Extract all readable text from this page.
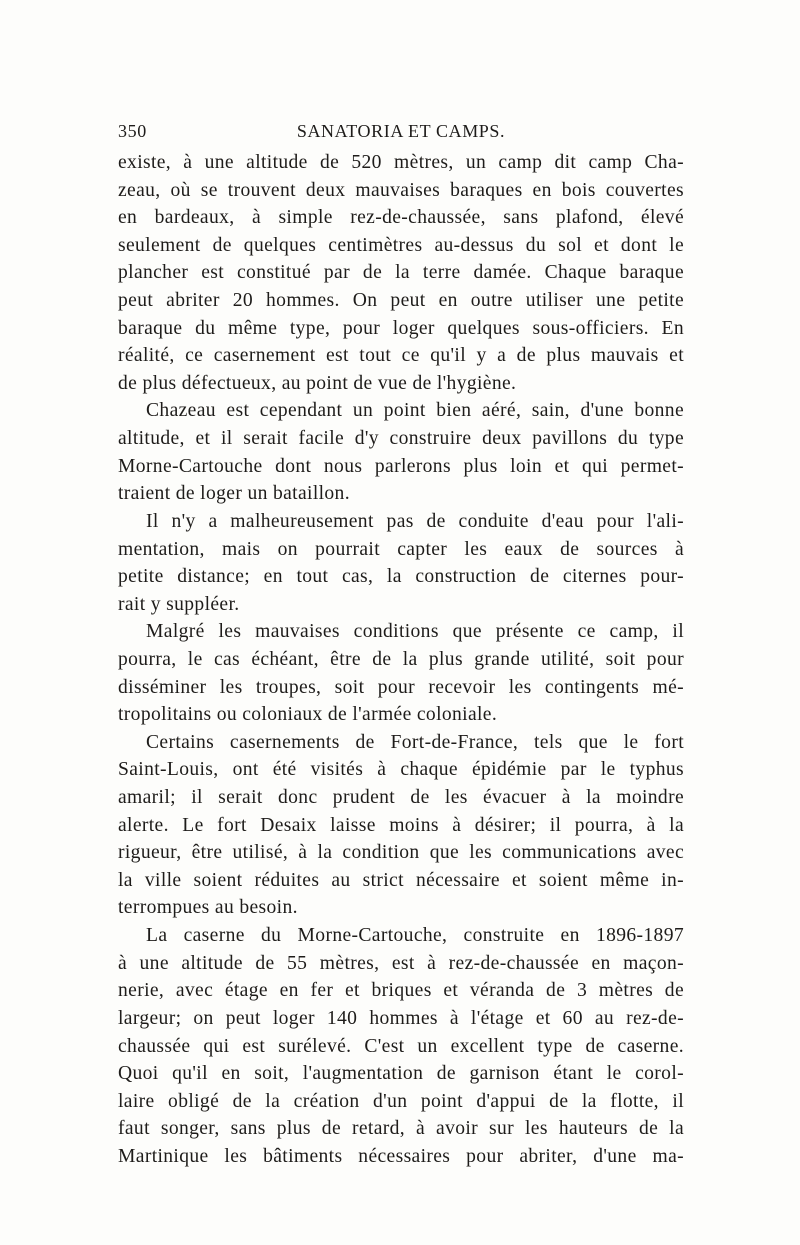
350	SANATORIA ET CAMPS.
existe, à une altitude de 520 mètres, un camp dit camp Cha-
zeau, où se trouvent deux mauvaises baraques en bois couvertes
en bardeaux, à simple rez-de-chaussée, sans plafond, élevé
seulement de quelques centimètres au-dessus du sol et dont le
plancher est constitué par de la terre damée. Chaque baraque
peut abriter 20 hommes. On peut en outre utiliser une petite
baraque du même type, pour loger quelques sous-officiers. En
réalité, ce casernement est tout ce qu'il y a de plus mauvais et
de plus défectueux, au point de vue de l'hygiène.
Chazeau est cependant un point bien aéré, sain, d'une bonne
altitude, et il serait facile d'y construire deux pavillons du type
Morne-Cartouche dont nous parlerons plus loin et qui permet-
traient de loger un bataillon.
Il n'y a malheureusement pas de conduite d'eau pour l'ali-
mentation, mais on pourrait capter les eaux de sources à
petite distance; en tout cas, la construction de citernes pour-
rait y suppléer.
Malgré les mauvaises conditions que présente ce camp, il
pourra, le cas échéant, être de la plus grande utilité, soit pour
disséminer les troupes, soit pour recevoir les contingents mé-
tropolitains ou coloniaux de l'armée coloniale.
Certains casernements de Fort-de-France, tels que le fort
Saint-Louis, ont été visités à chaque épidémie par le typhus
amaril; il serait donc prudent de les évacuer à la moindre
alerte. Le fort Desaix laisse moins à désirer; il pourra, à la
rigueur, être utilisé, à la condition que les communications avec
la ville soient réduites au strict nécessaire et soient même in-
terrompues au besoin.
La caserne du Morne-Cartouche, construite en 1896-1897
à une altitude de 55 mètres, est à rez-de-chaussée en maçon-
nerie, avec étage en fer et briques et véranda de 3 mètres de
largeur; on peut loger 140 hommes à l'étage et 60 au rez-de-
chaussée qui est surélevé. C'est un excellent type de caserne.
Quoi qu'il en soit, l'augmentation de garnison étant le corol-
laire obligé de la création d'un point d'appui de la flotte, il
faut songer, sans plus de retard, à avoir sur les hauteurs de la
Martinique les bâtiments nécessaires pour abriter, d'une ma-
